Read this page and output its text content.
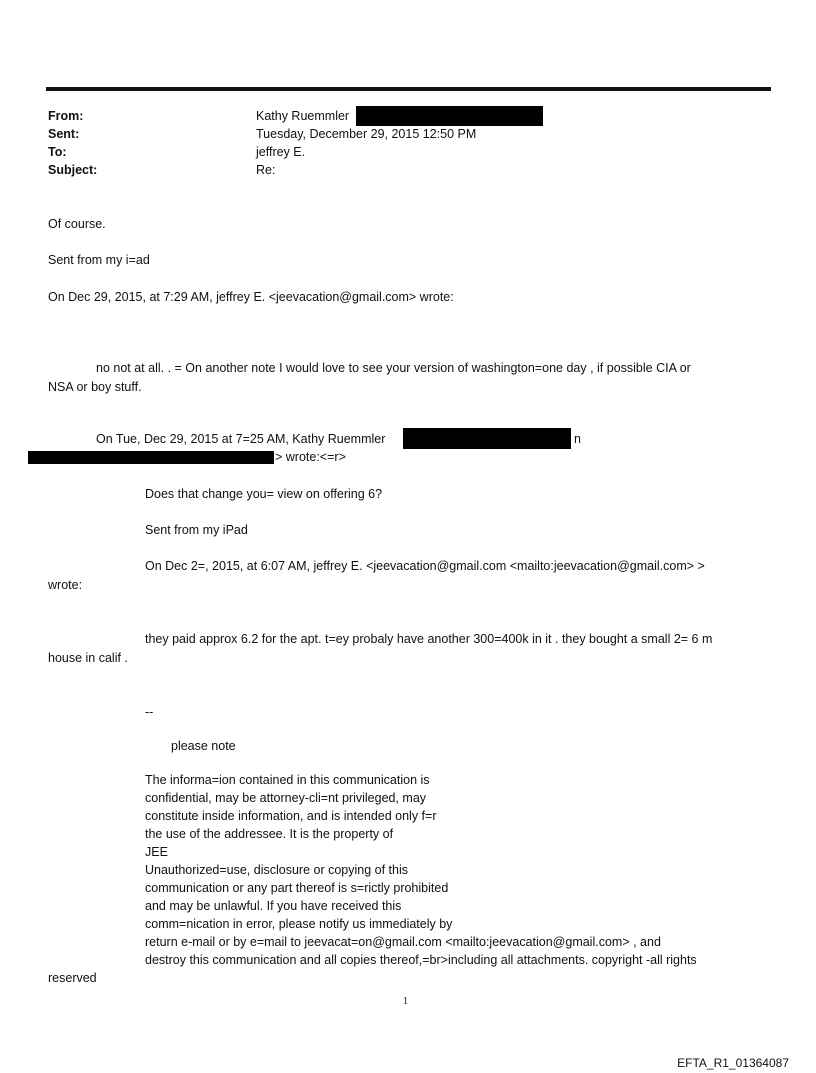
From:	Kathy Ruemmler
Sent:	Tuesday, December 29, 2015 12:50 PM
To:	jeffrey E.
Subject:	Re:
Of course.
Sent from my i=ad
On Dec 29, 2015, at 7:29 AM, jeffrey E. <jeevacation@gmail.com> wrote:
no not at all. . = On another note I would love to see your version of washington=one day , if possible CIA or
NSA or boy stuff.
On Tue, Dec 29, 2015 at 7=25 AM, Kathy Ruemmler	n
> wrote:<=r>
Does that change you= view on offering 6?
Sent from my iPad
On Dec 2=, 2015, at 6:07 AM, jeffrey E. <jeevacation@gmail.com <mailto:jeevacation@gmail.com> >
wrote:
they paid approx 6.2 for the apt. t=ey probaly have another 300=400k in it . they bought a small 2= 6 m
house in calif .
--
please note
The informa=ion contained in this communication is
confidential, may be attorney-cli=nt privileged, may
constitute inside information, and is intended only f=r
the use of the addressee. It is the property of
JEE
Unauthorized=use, disclosure or copying of this
communication or any part thereof is s=rictly prohibited
and may be unlawful. If you have received this
comm=nication in error, please notify us immediately by
return e-mail or by e=mail to jeevacat=on@gmail.com <mailto:jeevacation@gmail.com> , and
destroy this communication and all copies thereof,=br>including all attachments. copyright -all rights
reserved
1
EFTA_R1_01364087
